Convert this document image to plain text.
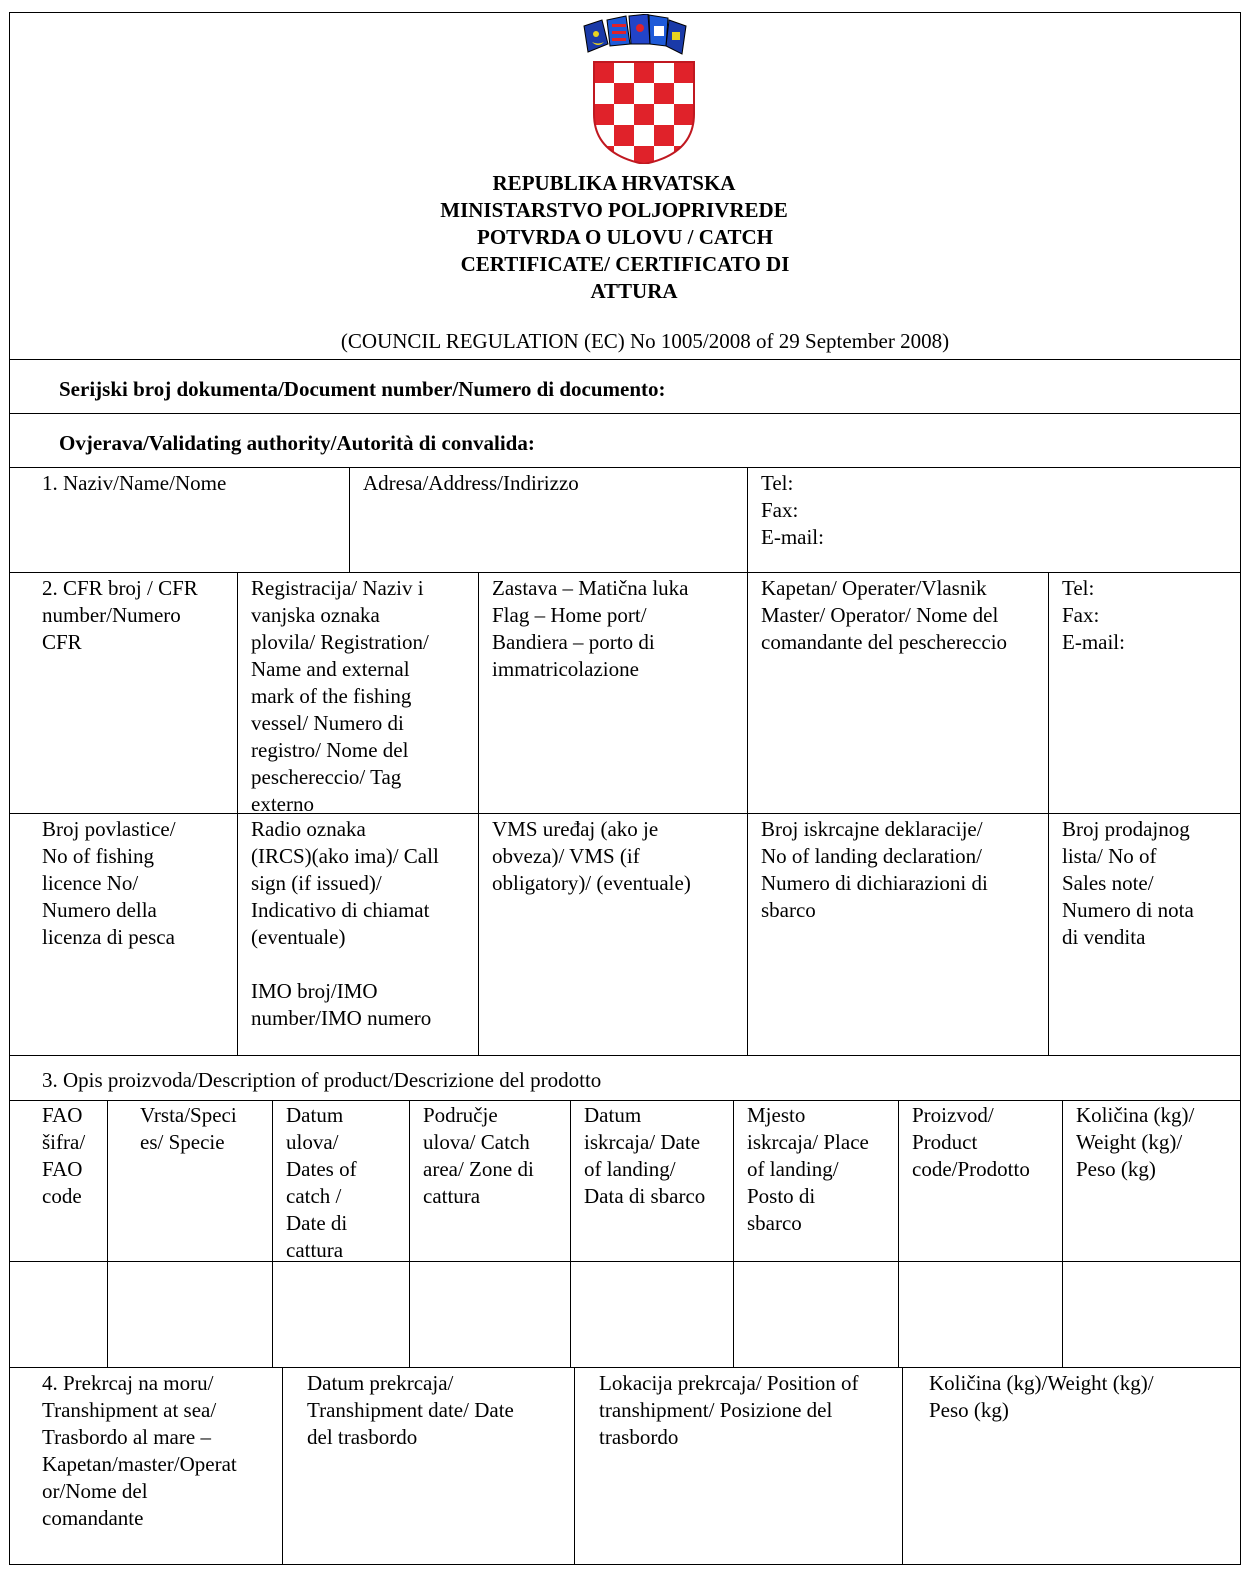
REPUBLIKA HRVATSKA
MINISTARSTVO POLJOPRIVREDE
POTVRDA O ULOVU / CATCH
CERTIFICATE/ CERTIFICATO DI
ATTURA
(COUNCIL REGULATION (EC) No 1005/2008 of 29 September 2008)
Serijski broj dokumenta/Document number/Numero di documento:
Ovjerava/Validating authority/Autorità di convalida:
1. Naziv/Name/Nome	Adresa/Address/Indirizzo	Tel:
Fax:
E-mail:
2. CFR broj / CFR
number/Numero
CFR
Registracija/ Naziv i
vanjska oznaka
plovila/ Registration/
Name and external
mark of the fishing
vessel/ Numero di
registro/ Nome del
peschereccio/ Tag
externo
Zastava – Matična luka
Flag – Home port/
Bandiera – porto di
immatricolazione
Kapetan/ Operater/Vlasnik
Master/ Operator/ Nome del
comandante del peschereccio
Tel:
Fax:
E-mail:
Broj povlastice/
No of fishing
licence No/
Numero della
licenza di pesca
Radio oznaka
(IRCS)(ako ima)/ Call
sign (if issued)/
Indicativo di chiamat
(eventuale)

IMO broj/IMO
number/IMO numero
VMS uređaj (ako je
obveza)/ VMS (if
obligatory)/ (eventuale)
Broj iskrcajne deklaracije/
No of landing declaration/
Numero di dichiarazioni di
sbarco
Broj prodajnog
lista/ No of
Sales note/
Numero di nota
di vendita
3. Opis proizvoda/Description of product/Descrizione del prodotto
FAO
šifra/
FAO
code
Vrsta/Speci
es/ Specie
Datum
ulova/
Dates of
catch /
Date di
cattura
Područje
ulova/ Catch
area/ Zone di
cattura
Datum
iskrcaja/ Date
of landing/
Data di sbarco
Mjesto
iskrcaja/ Place
of landing/
Posto di
sbarco
Proizvod/
Product
code/Prodotto
Količina (kg)/
Weight (kg)/
Peso (kg)
4. Prekrcaj na moru/
Transhipment at sea/
Trasbordo al mare –
Kapetan/master/Operat
or/Nome del
comandante
Datum prekrcaja/
Transhipment date/ Date
del trasbordo
Lokacija prekrcaja/ Position of
transhipment/ Posizione del
trasbordo
Količina (kg)/Weight (kg)/
Peso (kg)
